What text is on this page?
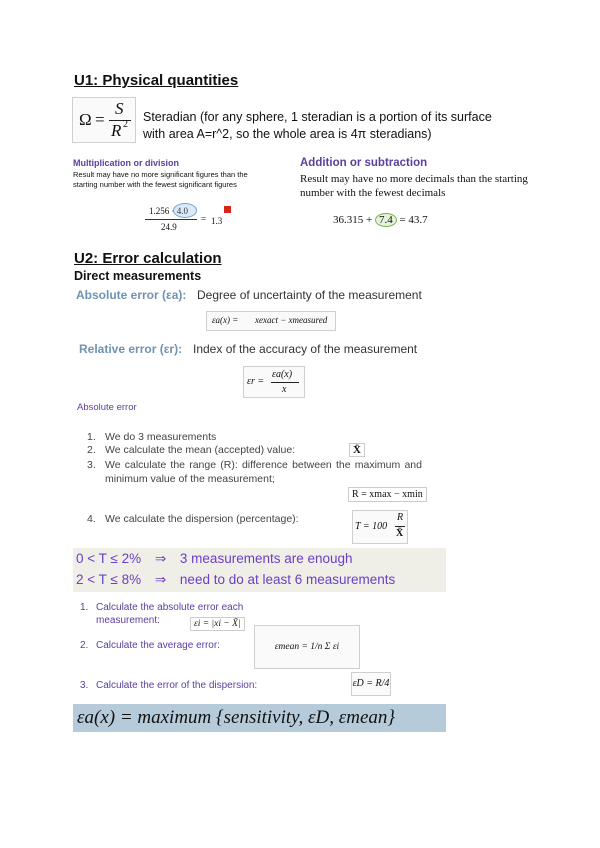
U1: Physical quantities
Ω =
S
R 2
Steradian (for any sphere, 1 steradian is a portion of its surface
with area A=r^2, so the whole area is 4π steradians)
Multiplication or division
Result may have no more significant figures than the
starting number with the fewest significant figures
1.256 · 4.0
24.9
= 1.3
Addition or subtraction
Result may have no more decimals than the starting
number with the fewest decimals
36.315 + 7.4 = 43.7
U2: Error calculation
Direct measurements
Absolute error (εa): Degree of uncertainty of the measurement
εa(x) = xexact − xmeasured
Relative error (εr): Index of the accuracy of the measurement
εr =
εa(x)
x
Absolute error
1. We do 3 measurements
2. We calculate the mean (accepted) value:	X̄
3. We calculate the range (R): difference between the maximum and minimum value of the measurement;
R = xmax − xmin
4. We calculate the dispersion (percentage):
T = 100
R
X̄
0 < T ≤ 2% ⇒ 3 measurements are enough
2 < T ≤ 8% ⇒ need to do at least 6 measurements
1. Calculate the absolute error each measurement:	εi = |xi − X̄|
2. Calculate the average error:	εmean = 1/n Σ εi
3. Calculate the error of the dispersion:	εD = R/4
εa(x) = maximum {sensitivity, εD, εmean}
